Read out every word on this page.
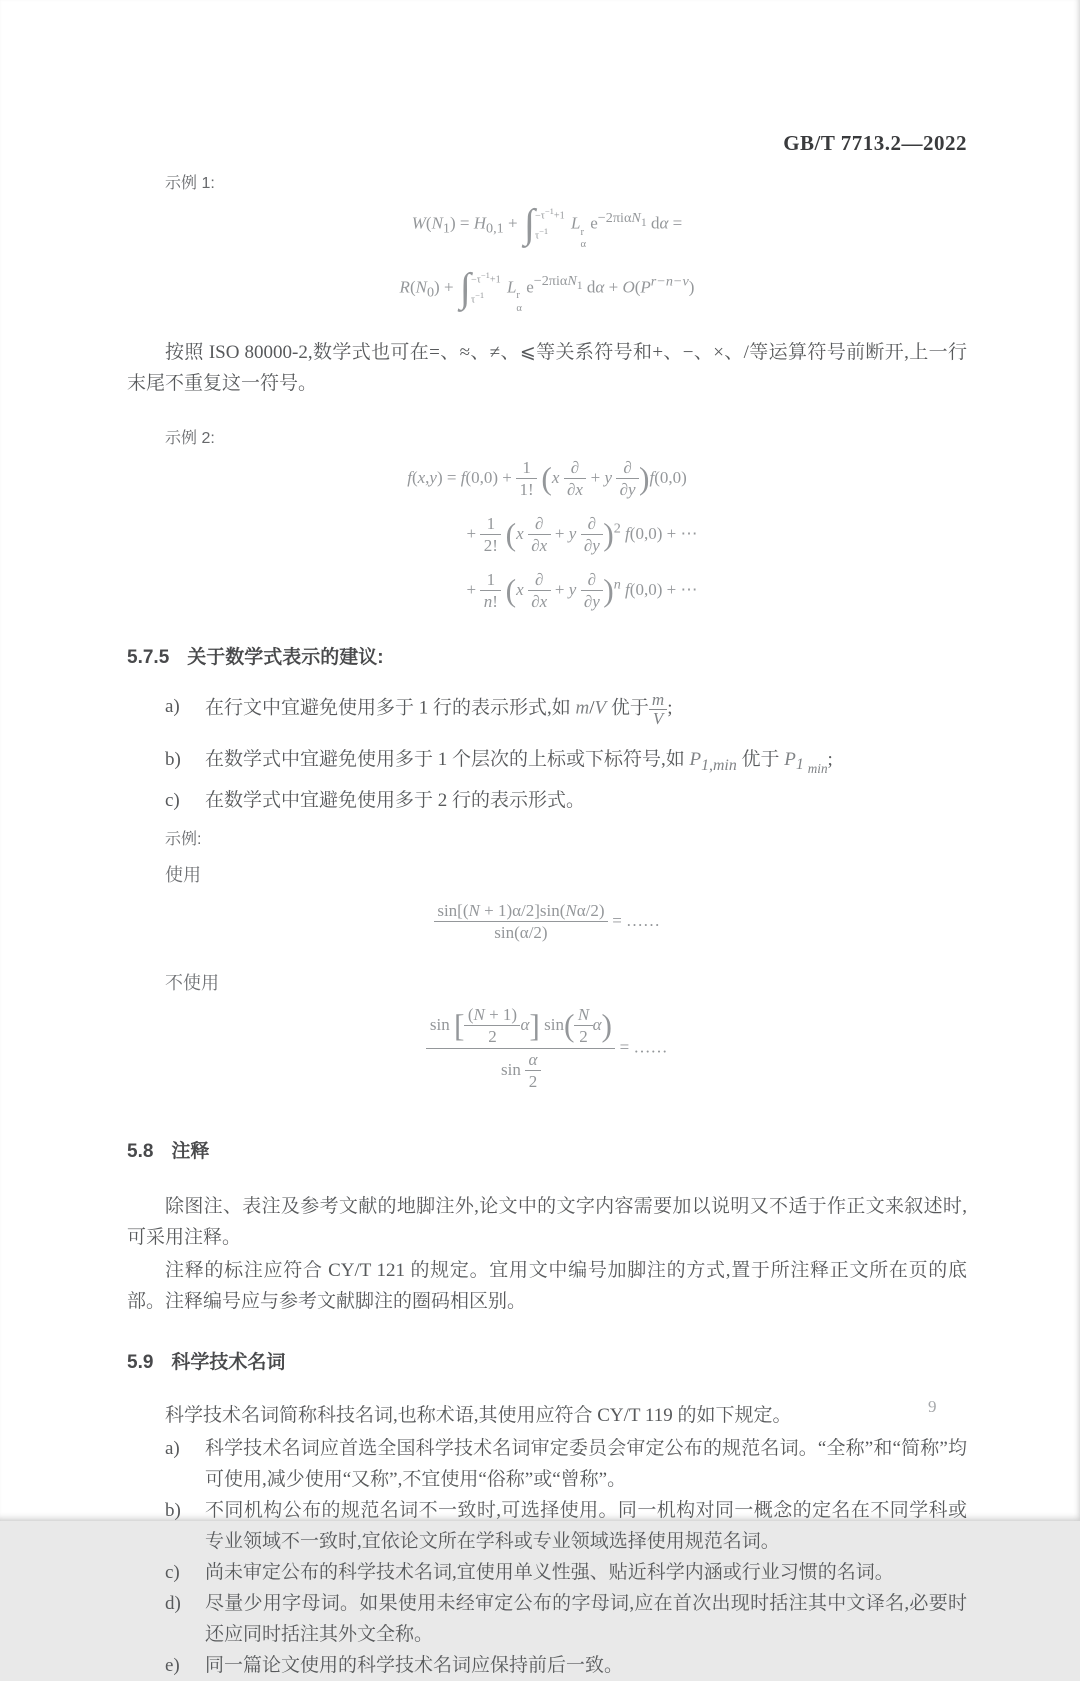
GB/T 7713.2—2022
示例 1:
$W(N_1) = H_{0,1}$ + ∫ $-\tau^{-1}+1$
$\tau^{-1}$	L r
α
$e^{-2\pi i\alpha N_1}$ dα =
$R(N_0)$ + ∫ $-\tau^{-1}+1$
$\tau^{-1}$	L r
α
$e^{-2\pi i\alpha N_1}$ $d\alpha + O(P^{r-n-v})$

按照 ISO 80000-2,数学式也可在=、≈、≠、⩽等关系符号和+、−、×、/等运算符号前断开,上一行末尾不重复这一符号。

示例 2:
$f(x,y) = f(0,0) + \frac{1}{1!} (x$
∂
∂x
+ y
∂
∂y )f(0,0)
+ $\frac{1}{2!} (x$
∂
∂x
+ y
∂
∂y )$^2$ f(0,0) + ⋯
+ $\frac{1}{n!} (x$
∂
∂x
+ y
∂
∂y )$^n$ f(0,0) + ⋯

5.7.5 关于数学式表示的建议:

a)	在行文中宜避免使用多于 1 行的表示形式,如 m/V 优于 $\frac{m}{V}$ ;
b)	在数学式中宜避免使用多于 1 个层次的上标或下标符号,如 $P_{1,min}$ 优于 $P_{1 _{min}}$;
c)	在数学式中宜避免使用多于 2 行的表示形式。
示例:
使用
$\frac{\sin[(N + 1)\alpha/2]\sin(N\alpha/2)}{\sin(\alpha/2)}$ = ……
不使用
$\frac{\sin [ \frac{(N + 1)}{2} \alpha] \sin( \frac{N}{2} \alpha)}{\sin \frac{\alpha}{2}}$ = ……

5.8 注释

除图注、表注及参考文献的地脚注外,论文中的文字内容需要加以说明又不适于作正文来叙述时,可采用注释。

注释的标注应符合 CY/T 121 的规定。宜用文中编号加脚注的方式,置于所注释正文所在页的底部。注释编号应与参考文献脚注的圈码相区别。

5.9 科学技术名词

科学技术名词简称科技名词,也称术语,其使用应符合 CY/T 119 的如下规定。

a)	科学技术名词应首选全国科学技术名词审定委员会审定公布的规范名词。“全称”和“简称”均可使用,减少使用“又称”,不宜使用“俗称”或“曾称”。
b)	不同机构公布的规范名词不一致时,可选择使用。同一机构对同一概念的定名在不同学科或专业领域不一致时,宜依论文所在学科或专业领域选择使用规范名词。
c)	尚未审定公布的科学技术名词,宜使用单义性强、贴近科学内涵或行业习惯的名词。
d)	尽量少用字母词。如果使用未经审定公布的字母词,应在首次出现时括注其中文译名,必要时还应同时括注其外文全称。
e)	同一篇论文使用的科学技术名词应保持前后一致。
9
